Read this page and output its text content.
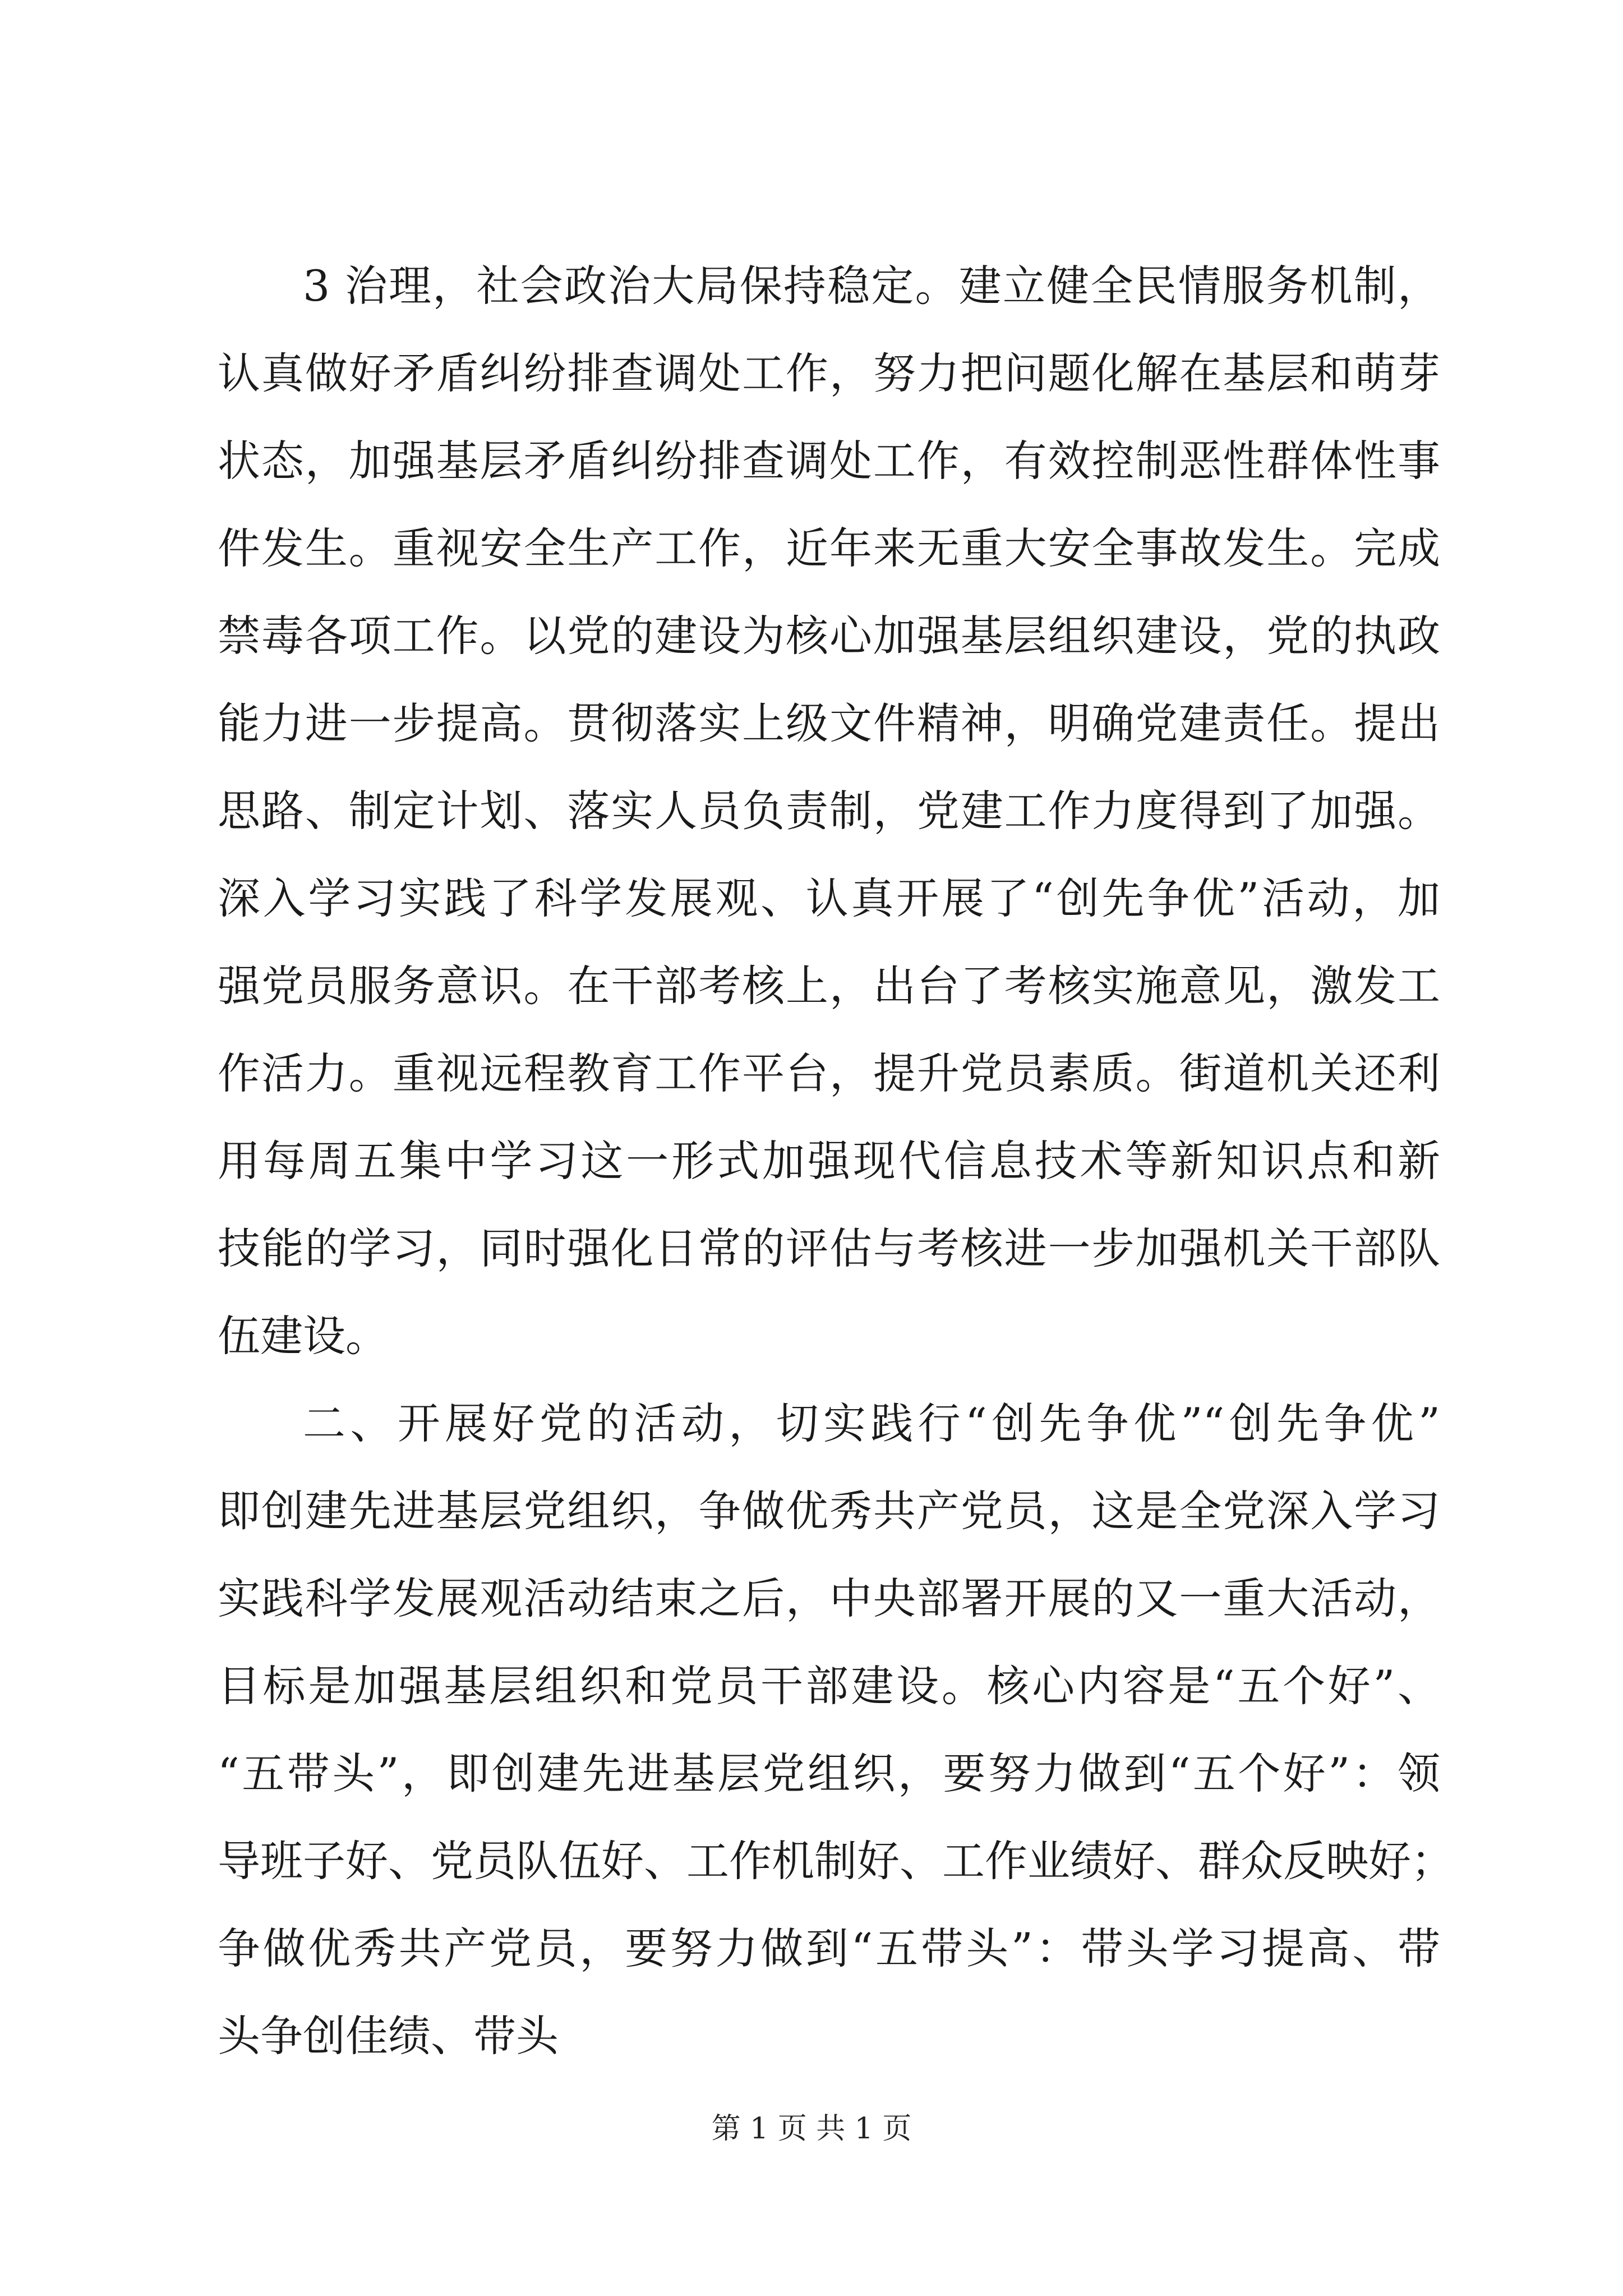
3 治理，社会政治大局保持稳定。建立健全民情服务机制，
认真做好矛盾纠纷排查调处工作，努力把问题化解在基层和萌芽
状态，加强基层矛盾纠纷排查调处工作，有效控制恶性群体性事
件发生。重视安全生产工作，近年来无重大安全事故发生。完成
禁毒各项工作。以党的建设为核心加强基层组织建设，党的执政
能力进一步提高。贯彻落实上级文件精神，明确党建责任。提出
思路、制定计划、落实人员负责制，党建工作力度得到了加强。
深入学习实践了科学发展观、认真开展了“创先争优”活动，加
强党员服务意识。在干部考核上，出台了考核实施意见，激发工
作活力。重视远程教育工作平台，提升党员素质。街道机关还利
用每周五集中学习这一形式加强现代信息技术等新知识点和新
技能的学习，同时强化日常的评估与考核进一步加强机关干部队
伍建设。
二、开展好党的活动，切实践行“创先争优”“创先争优”
即创建先进基层党组织，争做优秀共产党员，这是全党深入学习
实践科学发展观活动结束之后，中央部署开展的又一重大活动，
目标是加强基层组织和党员干部建设。核心内容是“五个好”、
“五带头”，即创建先进基层党组织，要努力做到“五个好”：领
导班子好、党员队伍好、工作机制好、工作业绩好、群众反映好；
争做优秀共产党员，要努力做到“五带头”：带头学习提高、带
头争创佳绩、带头
第 1 页 共 1 页
